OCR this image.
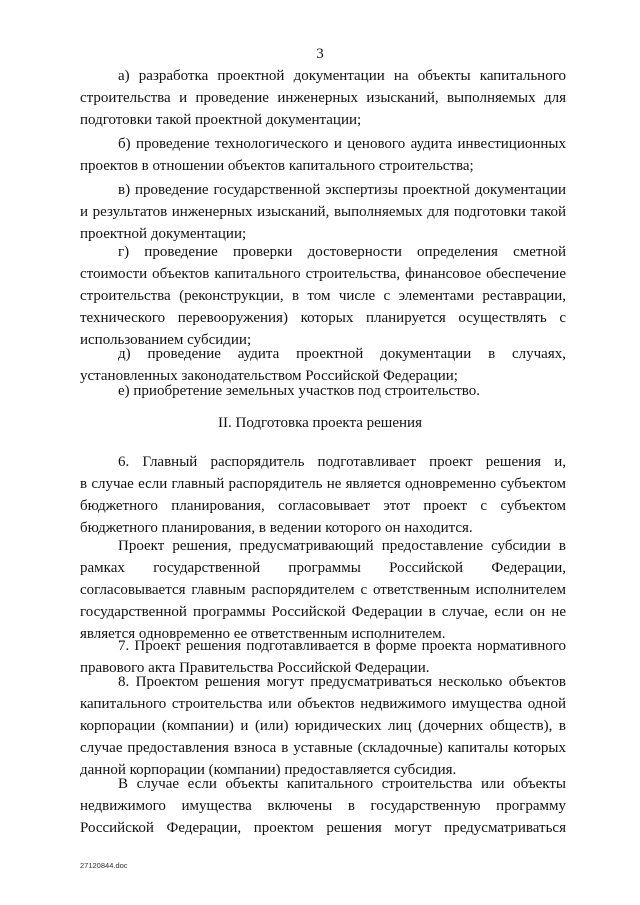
3
а) разработка проектной документации на объекты капитального
строительства и проведение инженерных изысканий, выполняемых для
подготовки такой проектной документации;
б) проведение технологического и ценового аудита инвестиционных
проектов в отношении объектов капитального строительства;
в) проведение государственной экспертизы проектной документации
и результатов инженерных изысканий, выполняемых для подготовки такой
проектной документации;
г) проведение проверки достоверности определения сметной
стоимости объектов капитального строительства, финансовое обеспечение
строительства (реконструкции, в том числе с элементами реставрации,
технического перевооружения) которых планируется осуществлять с
использованием субсидии;
д) проведение аудита проектной документации в случаях,
установленных законодательством Российской Федерации;
е) приобретение земельных участков под строительство.
6. Главный распорядитель подготавливает проект решения и,
в случае если главный распорядитель не является одновременно субъектом
бюджетного планирования, согласовывает этот проект с субъектом
бюджетного планирования, в ведении которого он находится.
Проект решения, предусматривающий предоставление субсидии в
рамках государственной программы Российской Федерации,
согласовывается главным распорядителем с ответственным исполнителем
государственной программы Российской Федерации в случае, если он не
является одновременно ее ответственным исполнителем.
7. Проект решения подготавливается в форме проекта нормативного
правового акта Правительства Российской Федерации.
8. Проектом решения могут предусматриваться несколько объектов
капитального строительства или объектов недвижимого имущества одной
корпорации (компании) и (или) юридических лиц (дочерних обществ), в
случае предоставления взноса в уставные (складочные) капиталы которых
данной корпорации (компании) предоставляется субсидия.
В случае если объекты капитального строительства или объекты
недвижимого имущества включены в государственную программу
Российской Федерации, проектом решения могут предусматриваться
II. Подготовка проекта решения
27120844.doc
